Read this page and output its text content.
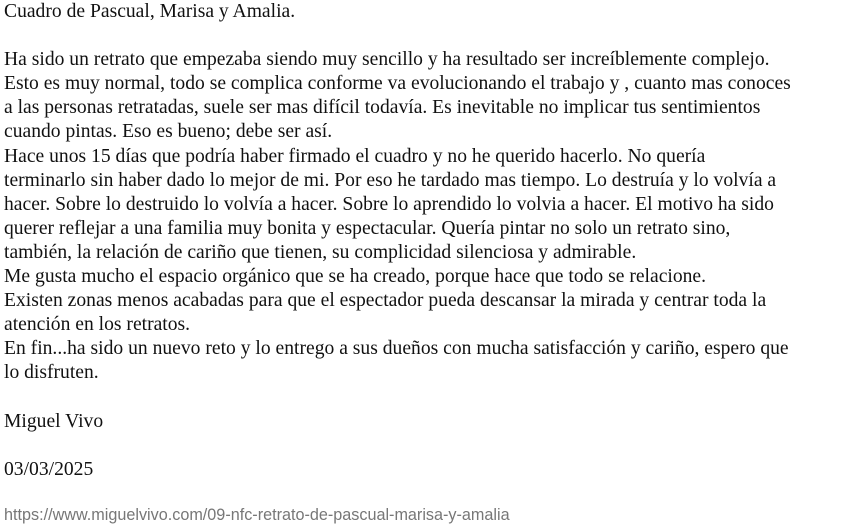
Cuadro de Pascual, Marisa y Amalia.
Ha sido un retrato que empezaba siendo muy sencillo y ha resultado ser increíblemente complejo.
Esto es muy normal, todo se complica conforme va evolucionando el trabajo y , cuanto mas conoces
a las personas retratadas, suele ser mas difícil todavía. Es inevitable no implicar tus sentimientos
cuando pintas. Eso es bueno; debe ser así.
Hace unos 15 días que podría haber firmado el cuadro y no he querido hacerlo. No quería
terminarlo sin haber dado lo mejor de mi. Por eso he tardado mas tiempo. Lo destruía y lo volvía a
hacer. Sobre lo destruido lo volvía a hacer. Sobre lo aprendido lo volvia a hacer. El motivo ha sido
querer reflejar a una familia muy bonita y espectacular. Quería pintar no solo un retrato sino,
también, la relación de cariño que tienen, su complicidad silenciosa y admirable.
Me gusta mucho el espacio orgánico que se ha creado, porque hace que todo se relacione.
Existen zonas menos acabadas para que el espectador pueda descansar la mirada y centrar toda la
atención en los retratos.
En fin...ha sido un nuevo reto y lo entrego a sus dueños con mucha satisfacción y cariño, espero que
lo disfruten.
Miguel Vivo
03/03/2025
https://www.miguelvivo.com/09-nfc-retrato-de-pascual-marisa-y-amalia
